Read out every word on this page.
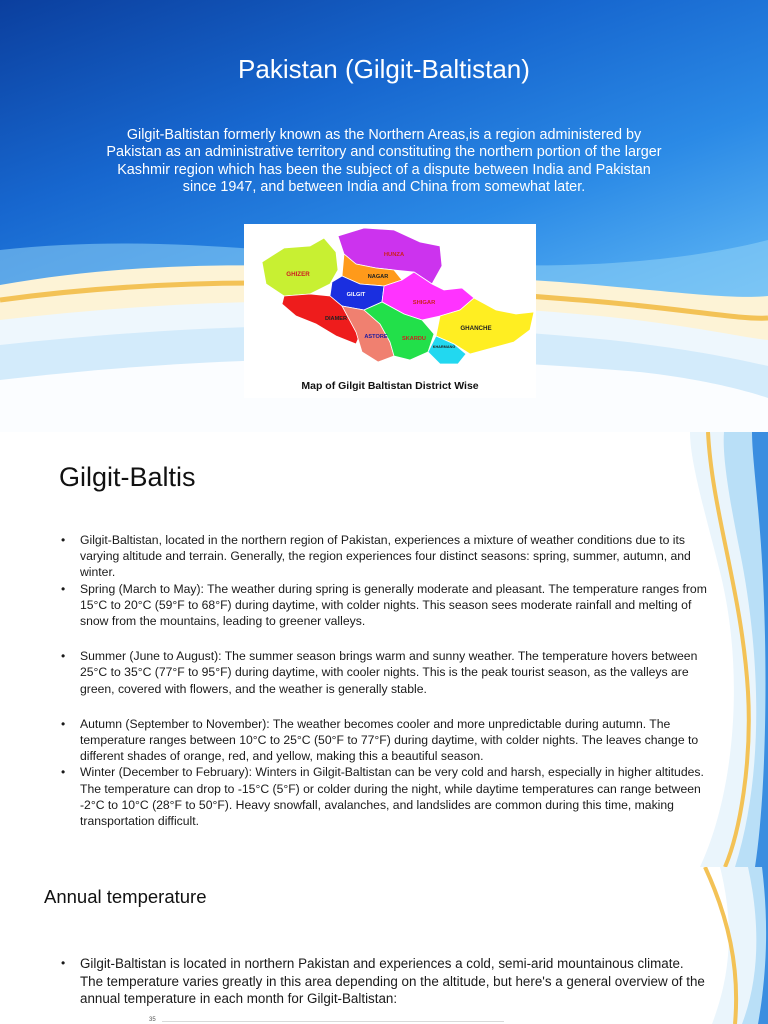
Pakistan (Gilgit-Baltistan)

Gilgit-Baltistan formerly known as the Northern Areas,is a region administered by Pakistan as an administrative territory and constituting the northern portion of the larger Kashmir region which has been the subject of a dispute between India and Pakistan since 1947, and between India and China from somewhat later.

GHIZER
HUNZA
NAGAR
GILGIT
SHIGAR
DIAMER
ASTORE	SKARDU
GHANCHE
KHARMANG
Map of Gilgit Baltistan District Wise
Gilgit-Baltis
• Gilgit-Baltistan, located in the northern region of Pakistan, experiences a mixture of weather conditions due to its varying altitude and terrain. Generally, the region experiences four distinct seasons: spring, summer, autumn, and winter.
• Spring (March to May): The weather during spring is generally moderate and pleasant. The temperature ranges from 15°C to 20°C (59°F to 68°F) during daytime, with colder nights. This season sees moderate rainfall and melting of snow from the mountains, leading to greener valleys.
• Summer (June to August): The summer season brings warm and sunny weather. The temperature hovers between 25°C to 35°C (77°F to 95°F) during daytime, with cooler nights. This is the peak tourist season, as the valleys are green, covered with flowers, and the weather is generally stable.
• Autumn (September to November): The weather becomes cooler and more unpredictable during autumn. The temperature ranges between 10°C to 25°C (50°F to 77°F) during daytime, with colder nights. The leaves change to different shades of orange, red, and yellow, making this a beautiful season.
• Winter (December to February): Winters in Gilgit-Baltistan can be very cold and harsh, especially in higher altitudes. The temperature can drop to -15°C (5°F) or colder during the night, while daytime temperatures can range between -2°C to 10°C (28°F to 50°F). Heavy snowfall, avalanches, and landslides are common during this time, making transportation difficult.
Annual temperature
• Gilgit-Baltistan is located in northern Pakistan and experiences a cold, semi-arid mountainous climate. The temperature varies greatly in this area depending on the altitude, but here's a general overview of the annual temperature in each month for Gilgit-Baltistan:
35
